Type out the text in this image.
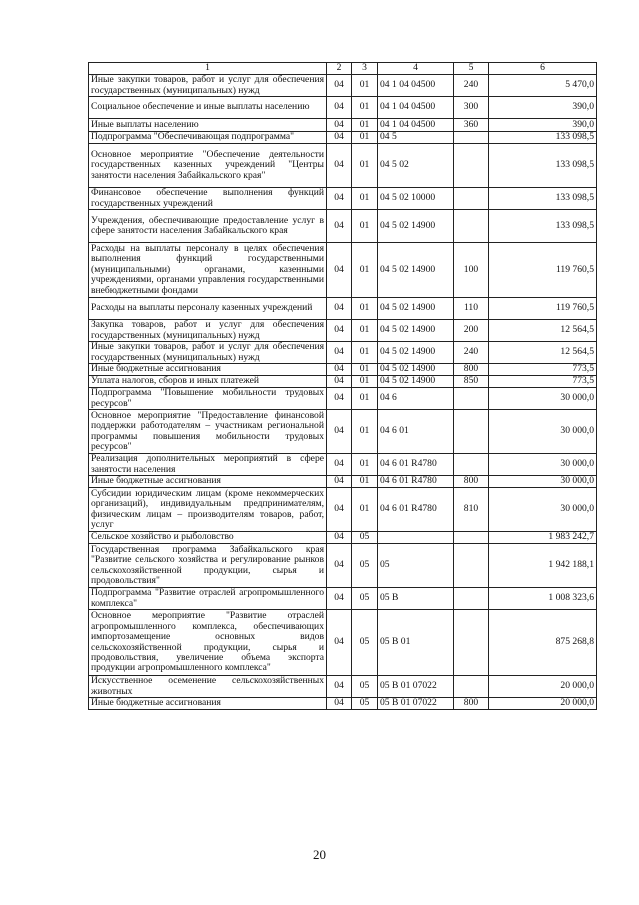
1	2	3	4	5	6
Иные закупки товаров, работ и услуг для обеспечения государственных (муниципальных) нужд	04	01	04 1 04 04500	240	5 470,0
Социальное обеспечение и иные выплаты населению	04	01	04 1 04 04500	300	390,0
Иные выплаты населению	04	01	04 1 04 04500	360	390,0
Подпрограмма "Обеспечивающая подпрограмма"	04	01	04 5		133 098,5
Основное мероприятие "Обеспечение деятельности государственных казенных учреждений "Центры занятости населения Забайкальского края"	04	01	04 5 02		133 098,5
Финансовое обеспечение выполнения функций государственных учреждений	04	01	04 5 02 10000		133 098,5
Учреждения, обеспечивающие предоставление услуг в сфере занятости населения Забайкальского края	04	01	04 5 02 14900		133 098,5
Расходы на выплаты персоналу в целях обеспечения выполнения функций государственными (муниципальными) органами, казенными учреждениями, органами управления государственными внебюджетными фондами	04	01	04 5 02 14900	100	119 760,5
Расходы на выплаты персоналу казенных учреждений	04	01	04 5 02 14900	110	119 760,5
Закупка товаров, работ и услуг для обеспечения государственных (муниципальных) нужд	04	01	04 5 02 14900	200	12 564,5
Иные закупки товаров, работ и услуг для обеспечения государственных (муниципальных) нужд	04	01	04 5 02 14900	240	12 564,5
Иные бюджетные ассигнования	04	01	04 5 02 14900	800	773,5
Уплата налогов, сборов и иных платежей	04	01	04 5 02 14900	850	773,5
Подпрограмма "Повышение мобильности трудовых ресурсов"	04	01	04 6		30 000,0
Основное мероприятие "Предоставление финансовой поддержки работодателям – участникам региональной программы повышения мобильности трудовых ресурсов"	04	01	04 6 01		30 000,0
Реализация дополнительных мероприятий в сфере занятости населения	04	01	04 6 01 R4780		30 000,0
Иные бюджетные ассигнования	04	01	04 6 01 R4780	800	30 000,0
Субсидии юридическим лицам (кроме некоммерческих организаций), индивидуальным предпринимателям, физическим лицам – производителям товаров, работ, услуг	04	01	04 6 01 R4780	810	30 000,0
Сельское хозяйство и рыболовство	04	05			1 983 242,7
Государственная программа Забайкальского края "Развитие сельского хозяйства и регулирование рынков сельскохозяйственной продукции, сырья и продовольствия"	04	05	05		1 942 188,1
Подпрограмма "Развитие отраслей агропромышленного комплекса"	04	05	05 В		1 008 323,6
Основное мероприятие "Развитие отраслей агропромышленного комплекса, обеспечивающих импортозамещение основных видов сельскохозяйственной продукции, сырья и продовольствия, увеличение объема экспорта продукции агропромышленного комплекса"	04	05	05 В 01		875 268,8
Искусственное осеменение сельскохозяйственных животных	04	05	05 В 01 07022		20 000,0
Иные бюджетные ассигнования	04	05	05 В 01 07022	800	20 000,0
20
